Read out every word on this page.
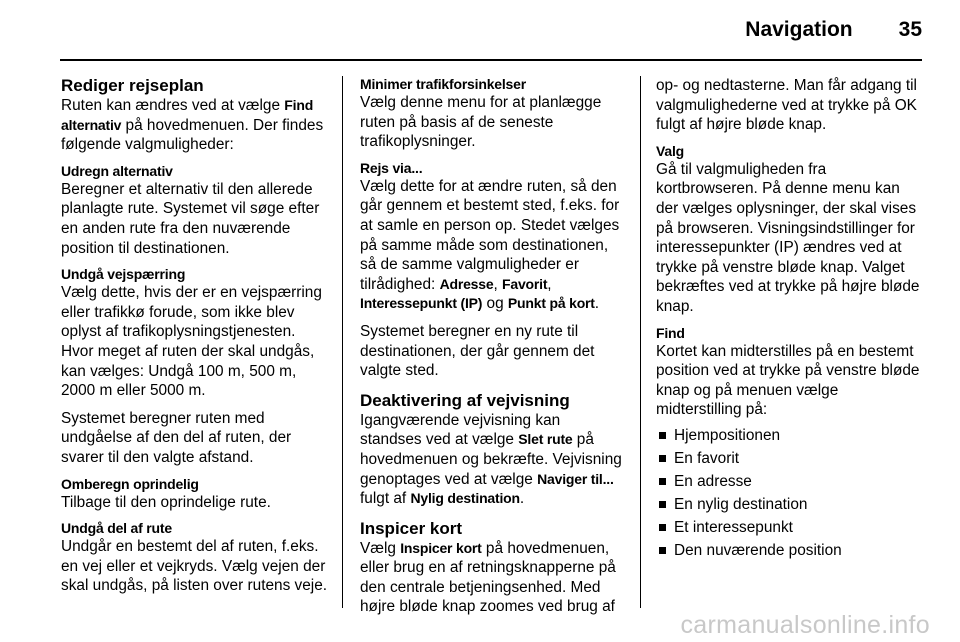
Navigation 35
Rediger rejseplan

Ruten kan ændres ved at vælge Find alternativ på hovedmenuen. Der findes følgende valgmuligheder:

Udregn alternativ

Beregner et alternativ til den allerede planlagte rute. Systemet vil søge efter en anden rute fra den nuværende position til destinationen.

Undgå vejspærring

Vælg dette, hvis der er en vejspærring eller trafikkø forude, som ikke blev oplyst af trafikoplysningstjenesten. Hvor meget af ruten der skal undgås, kan vælges: Undgå 100 m, 500 m, 2000 m eller 5000 m.

Systemet beregner ruten med undgåelse af den del af ruten, der svarer til den valgte afstand.

Omberegn oprindelig

Tilbage til den oprindelige rute.

Undgå del af rute

Undgår en bestemt del af ruten, f.eks. en vej eller et vejkryds. Vælg vejen der skal undgås, på listen over rutens veje.

Minimer trafikforsinkelser

Vælg denne menu for at planlægge ruten på basis af de seneste trafikoplysninger.

Rejs via...

Vælg dette for at ændre ruten, så den går gennem et bestemt sted, f.eks. for at samle en person op. Stedet vælges på samme måde som destinationen, så de samme valgmuligheder er tilrådighed: Adresse, Favorit, Interessepunkt (IP) og Punkt på kort.

Systemet beregner en ny rute til destinationen, der går gennem det valgte sted.

Deaktivering af vejvisning

Igangværende vejvisning kan standses ved at vælge Slet rute på hovedmenuen og bekræfte. Vejvisning genoptages ved at vælge Naviger til... fulgt af Nylig destination.

Inspicer kort

Vælg Inspicer kort på hovedmenuen, eller brug en af retningsknapperne på den centrale betjeningsenhed. Med højre bløde knap zoomes ved brug af

op- og nedtasterne. Man får adgang til valgmulighederne ved at trykke på OK fulgt af højre bløde knap.

Valg

Gå til valgmuligheden fra kortbrowseren. På denne menu kan der vælges oplysninger, der skal vises på browseren. Visningsindstillinger for interessepunkter (IP) ændres ved at trykke på venstre bløde knap. Valget bekræftes ved at trykke på højre bløde knap.

Find

Kortet kan midterstilles på en bestemt position ved at trykke på venstre bløde knap og på menuen vælge midterstilling på:

Hjempositionen
En favorit
En adresse
En nylig destination
Et interessepunkt
Den nuværende position
carmanualsonline.info
